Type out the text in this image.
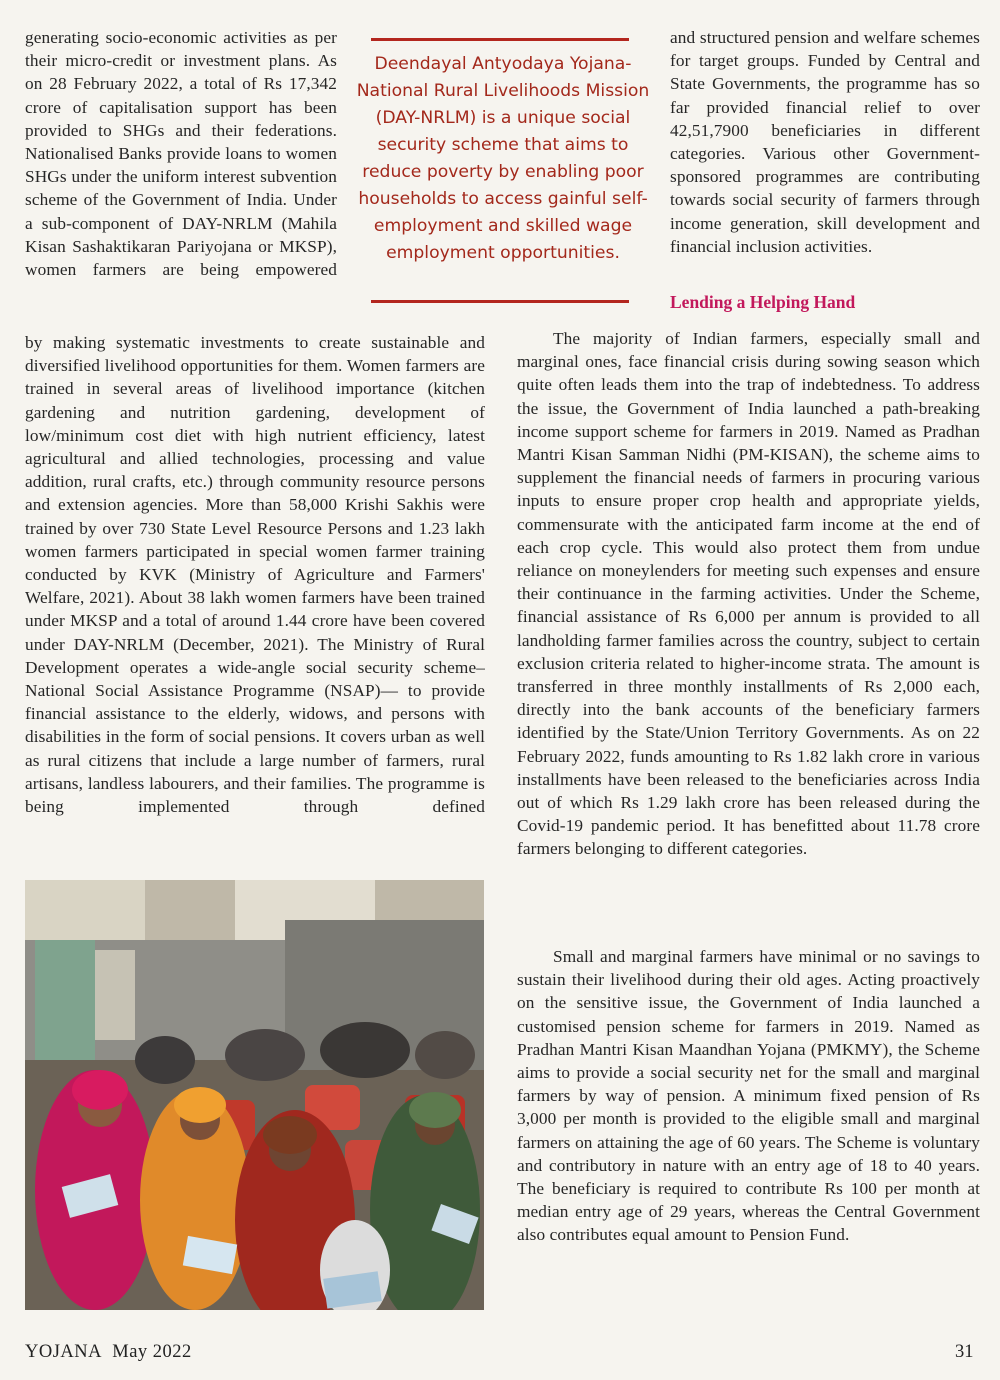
generating socio-economic activities as per their micro-credit or investment plans. As on 28 February 2022, a total of Rs 17,342 crore of capitalisation support has been provided to SHGs and their federations. Nationalised Banks provide loans to women SHGs under the uniform interest subvention scheme of the Government of India. Under a sub-component of DAY-NRLM (Mahila Kisan Sashaktikaran Pariyojana or MKSP), women farmers are being empowered

Deendayal Antyodaya Yojana-National Rural Livelihoods Mission (DAY-NRLM) is a unique social security scheme that aims to reduce poverty by enabling poor households to access gainful self-employment and skilled wage employment opportunities.

and structured pension and welfare schemes for target groups. Funded by Central and State Governments, the programme has so far provided financial relief to over 42,51,7900 beneficiaries in different categories. Various other Government-sponsored programmes are contributing towards social security of farmers through income generation, skill development and financial inclusion activities.

Lending a Helping Hand

by making systematic investments to create sustainable and diversified livelihood opportunities for them. Women farmers are trained in several areas of livelihood importance (kitchen gardening and nutrition gardening, development of low/minimum cost diet with high nutrient efficiency, latest agricultural and allied technologies, processing and value addition, rural crafts, etc.) through community resource persons and extension agencies. More than 58,000 Krishi Sakhis were trained by over 730 State Level Resource Persons and 1.23 lakh women farmers participated in special women farmer training conducted by KVK (Ministry of Agriculture and Farmers' Welfare, 2021). About 38 lakh women farmers have been trained under MKSP and a total of around 1.44 crore have been covered under DAY-NRLM (December, 2021). The Ministry of Rural Development operates a wide-angle social security scheme– National Social Assistance Programme (NSAP)— to provide financial assistance to the elderly, widows, and persons with disabilities in the form of social pensions. It covers urban as well as rural citizens that include a large number of farmers, rural artisans, landless labourers, and their families. The programme is being implemented through defined

The majority of Indian farmers, especially small and marginal ones, face financial crisis during sowing season which quite often leads them into the trap of indebtedness. To address the issue, the Government of India launched a path-breaking income support scheme for farmers in 2019. Named as Pradhan Mantri Kisan Samman Nidhi (PM-KISAN), the scheme aims to supplement the financial needs of farmers in procuring various inputs to ensure proper crop health and appropriate yields, commensurate with the anticipated farm income at the end of each crop cycle. This would also protect them from undue reliance on moneylenders for meeting such expenses and ensure their continuance in the farming activities. Under the Scheme, financial assistance of Rs 6,000 per annum is provided to all landholding farmer families across the country, subject to certain exclusion criteria related to higher-income strata. The amount is transferred in three monthly installments of Rs 2,000 each, directly into the bank accounts of the beneficiary farmers identified by the State/Union Territory Governments. As on 22 February 2022, funds amounting to Rs 1.82 lakh crore in various installments have been released to the beneficiaries across India out of which Rs 1.29 lakh crore has been released during the Covid-19 pandemic period. It has benefitted about 11.78 crore farmers belonging to different categories.

Small and marginal farmers have minimal or no savings to sustain their livelihood during their old ages. Acting proactively on the sensitive issue, the Government of India launched a customised pension scheme for farmers in 2019. Named as Pradhan Mantri Kisan Maandhan Yojana (PMKMY), the Scheme aims to provide a social security net for the small and marginal farmers by way of pension. A minimum fixed pension of Rs 3,000 per month is provided to the eligible small and marginal farmers on attaining the age of 60 years. The Scheme is voluntary and contributory in nature with an entry age of 18 to 40 years. The beneficiary is required to contribute Rs 100 per month at median entry age of 29 years, whereas the Central Government also contributes equal amount to Pension Fund.

YOJANA May 2022	31
